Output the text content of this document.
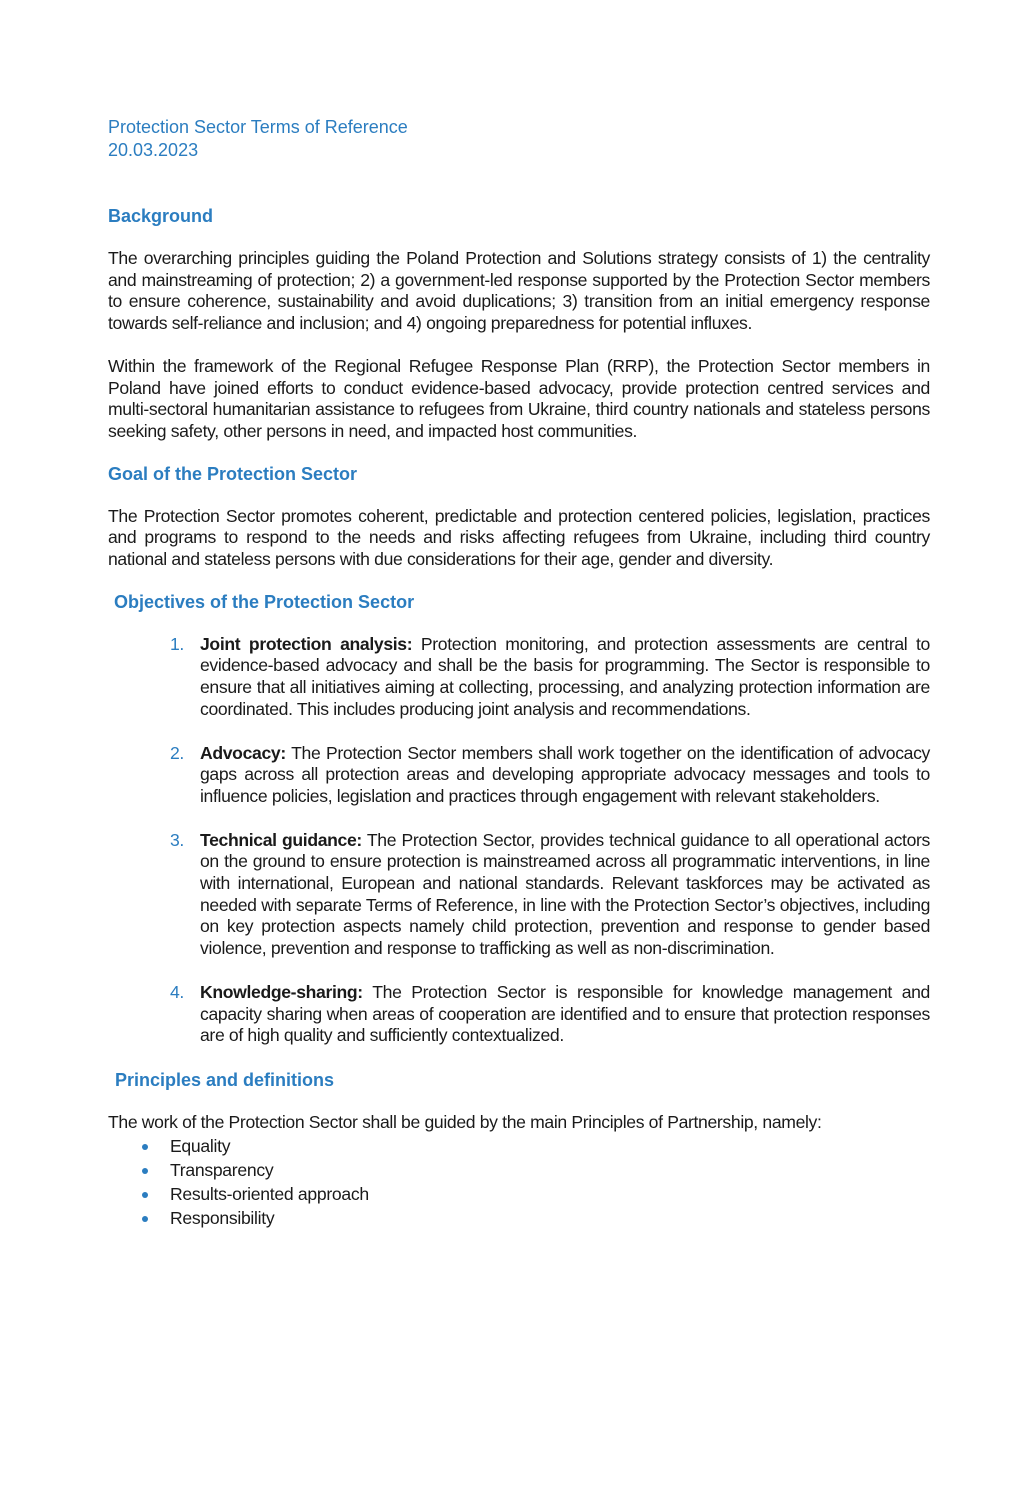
Protection Sector Terms of Reference
20.03.2023
Background

The overarching principles guiding the Poland Protection and Solutions strategy consists of 1) the centrality and mainstreaming of protection; 2) a government-led response supported by the Protection Sector members to ensure coherence, sustainability and avoid duplications; 3) transition from an initial emergency response towards self-reliance and inclusion; and 4) ongoing preparedness for potential influxes.

Within the framework of the Regional Refugee Response Plan (RRP), the Protection Sector members in Poland have joined efforts to conduct evidence-based advocacy, provide protection centred services and multi-sectoral humanitarian assistance to refugees from Ukraine, third country nationals and stateless persons seeking safety, other persons in need, and impacted host communities.

Goal of the Protection Sector

The Protection Sector promotes coherent, predictable and protection centered policies, legislation, practices and programs to respond to the needs and risks affecting refugees from Ukraine, including third country national and stateless persons with due considerations for their age, gender and diversity.

Objectives of the Protection Sector
1. Joint protection analysis: Protection monitoring, and protection assessments are central to evidence-based advocacy and shall be the basis for programming. The Sector is responsible to ensure that all initiatives aiming at collecting, processing, and analyzing protection information are coordinated. This includes producing joint analysis and recommendations.
2. Advocacy: The Protection Sector members shall work together on the identification of advocacy gaps across all protection areas and developing appropriate advocacy messages and tools to influence policies, legislation and practices through engagement with relevant stakeholders.
3. Technical guidance: The Protection Sector, provides technical guidance to all operational actors on the ground to ensure protection is mainstreamed across all programmatic interventions, in line with international, European and national standards. Relevant taskforces may be activated as needed with separate Terms of Reference, in line with the Protection Sector’s objectives, including on key protection aspects namely child protection, prevention and response to gender based violence, prevention and response to trafficking as well as non-discrimination.
4. Knowledge-sharing: The Protection Sector is responsible for knowledge management and capacity sharing when areas of cooperation are identified and to ensure that protection responses are of high quality and sufficiently contextualized.
Principles and definitions

The work of the Protection Sector shall be guided by the main Principles of Partnership, namely:

Equality
Transparency
Results-oriented approach
Responsibility
